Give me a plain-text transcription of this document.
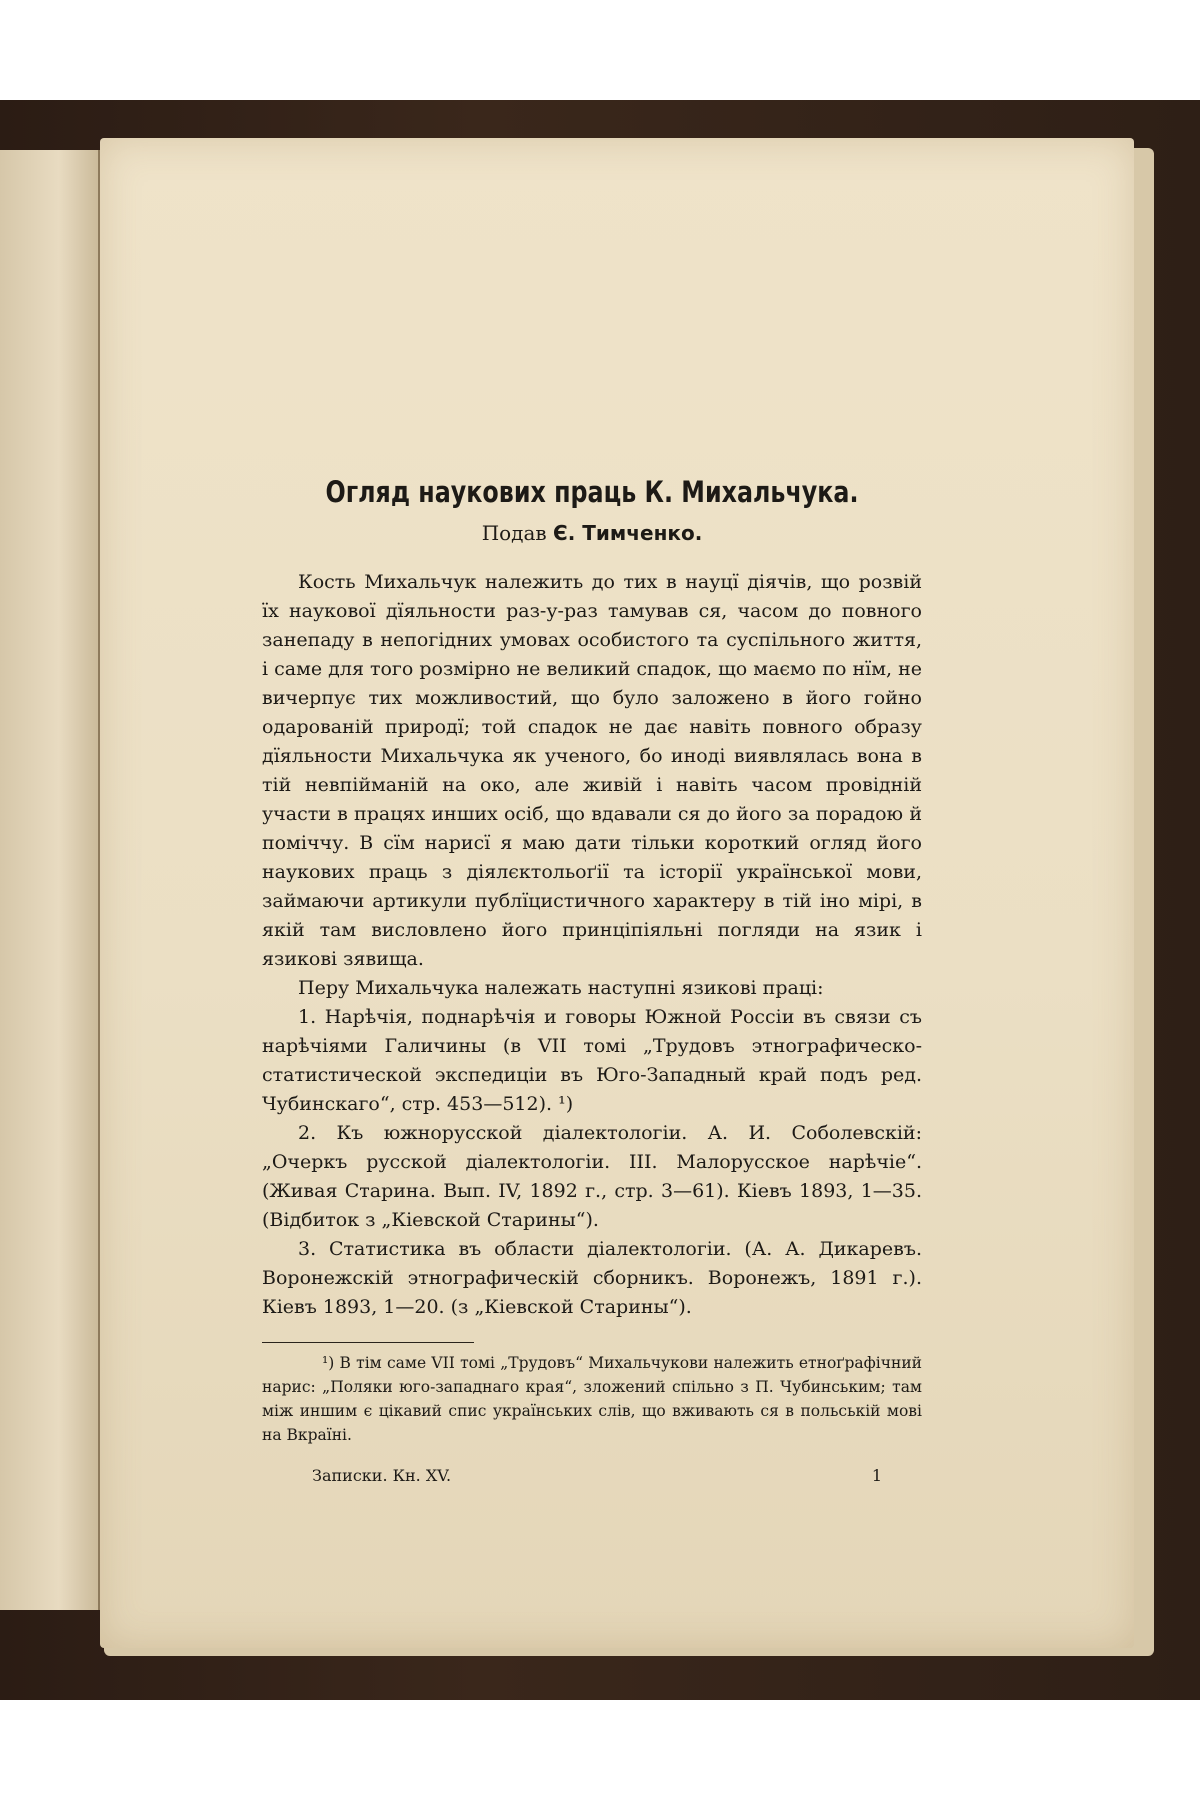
Огляд наукових праць К. Михальчука.
Подав Є. Тимченко.

Кость Михальчук належить до тих в науцї діячів, що розвій їх наукової дїяльности раз-у-раз тамував ся, часом до повного занепаду в непогідних умовах особистого та суспільного життя, і саме для того розмірно не великий спадок, що маємо по нїм, не вичерпує тих можливостий, що було заложено в його гойно одарованій природї; той спадок не дає навіть повного образу дїяльности Михальчука як ученого, бо иноді виявлялась вона в тій невпійманій на око, але живій і навіть часом провідній участи в працях инших осіб, що вдавали ся до його за порадою й поміччу. В сїм нарисї я маю дати тільки короткий огляд його наукових праць з діялєктольоґії та історії української мови, займаючи артикули публїцистичного характеру в тій іно мірі, в якій там висловлено його принціпіяльні погляди на язик і язикові зявища.

Перу Михальчука належать наступні язикові праці:

1. Нарѣчія, поднарѣчія и говоры Южной Россіи въ связи съ нарѣчіями Галичины (в VII томі „Трудовъ этнографическо-статистической экспедиціи въ Юго-Западный край подъ ред. Чубинскаго“, стр. 453—512). ¹)

2. Къ южнорусской діалектологіи. А. И. Соболевскій: „Очеркъ русской діалектологіи. III. Малорусское нарѣчіе“. (Живая Старина. Вып. IV, 1892 г., стр. 3—61). Кіевъ 1893, 1—35. (Відбиток з „Кіевской Старины“).

3. Статистика въ области діалектологіи. (А. А. Дикаревъ. Воронежскій этнографическій сборникъ. Воронежъ, 1891 г.). Кіевъ 1893, 1—20. (з „Кіевской Старины“).

¹) В тім саме VII томі „Трудовъ“ Михальчукови належить етноґрафічний нарис: „Поляки юго-западнаго края“, зложений спільно з П. Чубинським; там між иншим є цікавий спис українських слів, що вживають ся в польській мові на Вкраїні.
Записки. Кн. XV.	1
